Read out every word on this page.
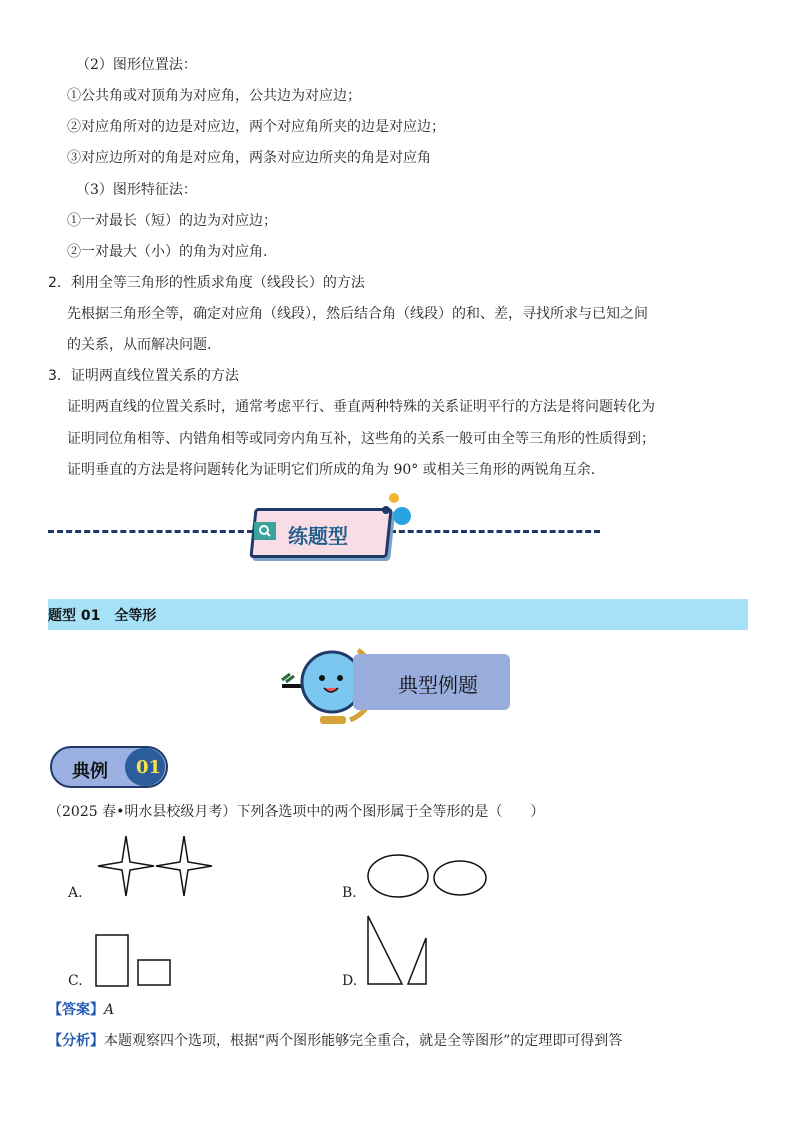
（2）图形位置法：
①公共角或对顶角为对应角，公共边为对应边；
②对应角所对的边是对应边，两个对应角所夹的边是对应边；
③对应边所对的角是对应角，两条对应边所夹的角是对应角
（3）图形特征法：
①一对最长（短）的边为对应边；
②一对最大（小）的角为对应角.
2．利用全等三角形的性质求角度（线段长）的方法
先根据三角形全等，确定对应角（线段），然后结合角（线段）的和、差，寻找所求与已知之间
的关系，从而解决问题.
3．证明两直线位置关系的方法
证明两直线的位置关系时，通常考虑平行、垂直两种特殊的关系证明平行的方法是将问题转化为
证明同位角相等、内错角相等或同旁内角互补，这些角的关系一般可由全等三角形的性质得到；
证明垂直的方法是将问题转化为证明它们所成的角为 90° 或相关三角形的两锐角互余.
练题型
题型 01　全等形
典型例题
典例 01
（2025 春•明水县校级月考）下列各选项中的两个图形属于全等形的是（　　）
A.	B.
C.	D.
【答案】A
【分析】本题观察四个选项，根据“两个图形能够完全重合，就是全等图形”的定理即可得到答
